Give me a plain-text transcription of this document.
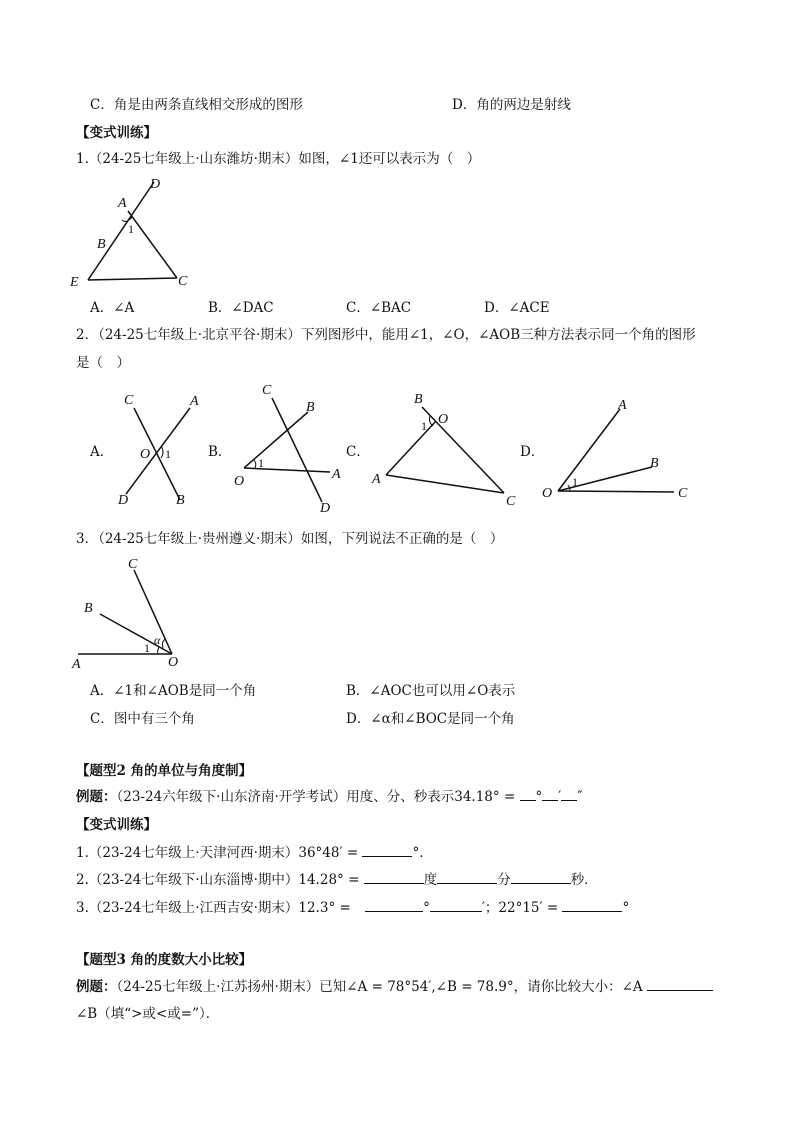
C．角是由两条直线相交形成的图形	D．角的两边是射线
【变式训练】
1.（24-25七年级上·山东潍坊·期末）如图，∠1还可以表示为（　）
D
A
1
B
E	C
A．∠A	B．∠DAC	C．∠BAC	D．∠ACE
2．（24-25七年级上·北京平谷·期末）下列图形中，能用∠1，∠O，∠AOB三种方法表示同一个角的图形
是（　）
A．
C	A
O 1
D	B
B．
C
B
1
O	A
D
C．
B
O
1
A
C
D．
A
B
O
1
C
3．（24-25七年级上·贵州遵义·期末）如图，下列说法不正确的是（　）
C
B
α
1
A	O
A．∠1和∠AOB是同一个角	B．∠AOC也可以用∠O表示
C．图中有三个角	D．∠α和∠BOC是同一个角
【题型2 角的单位与角度制】
例题：（23-24六年级下·山东济南·开学考试）用度、分、秒表示34.18° = ° ′ ″
【变式训练】
1.（23-24七年级上·天津河西·期末）36°48′ =	°．
2.（23-24七年级下·山东淄博·期中）14.28° =	度	分	秒．
3.（23-24七年级上·江西吉安·期末）12.3° =	°	′；22°15′ =	°
【题型3 角的度数大小比较】
例题：（24-25七年级上·江苏扬州·期末）已知∠A = 78°54′,∠B = 78.9°，请你比较大小：∠A
∠B（填“>或<或=”）．
